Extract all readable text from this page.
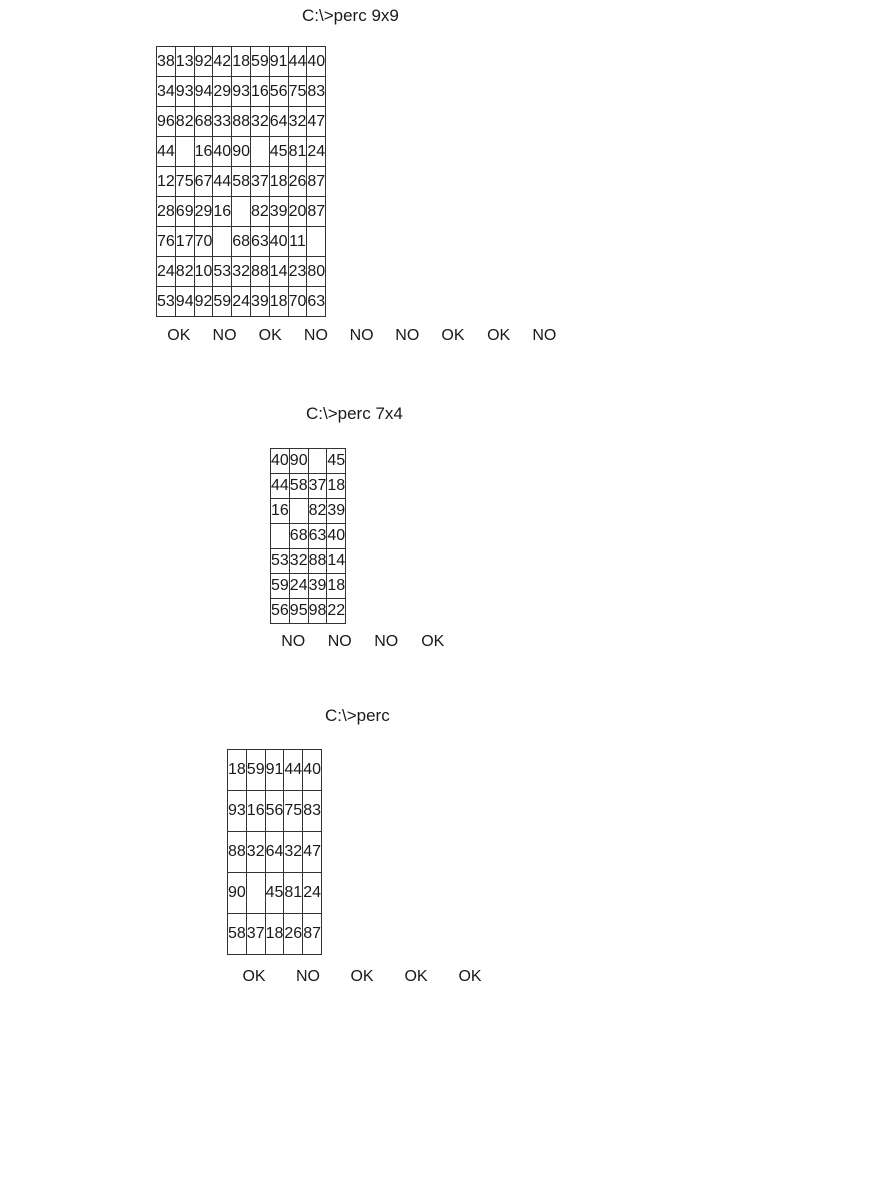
C:\>perc 9x9
38	13	92	42	18	59	91	44	40
34	93	94	29	93	16	56	75	83
96	82	68	33	88	32	64	32	47
44		16	40	90		45	81	24
12	75	67	44	58	37	18	26	87
28	69	29	16		82	39	20	87
76	17	70		68	63	40	11	
24	82	10	53	32	88	14	23	80
53	94	92	59	24	39	18	70	63
OK	NO	OK	NO	NO	NO	OK	OK	NO
C:\>perc 7x4
40	90		45
44	58	37	18
16		82	39
	68	63	40
53	32	88	14
59	24	39	18
56	95	98	22
NO	NO	NO	OK
C:\>perc
18	59	91	44	40
93	16	56	75	83
88	32	64	32	47
90		45	81	24
58	37	18	26	87
OK	NO	OK	OK	OK
